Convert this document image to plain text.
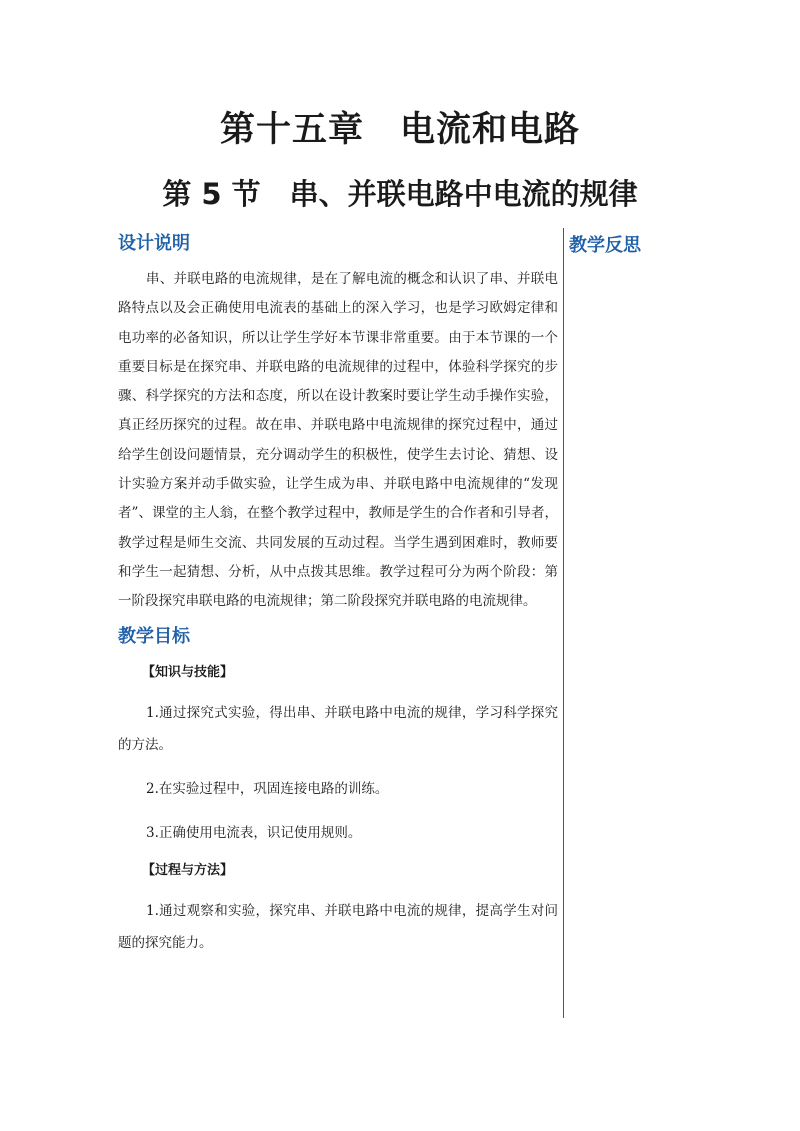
第十五章　电流和电路
第 5 节　串、并联电路中电流的规律
教学反思
设计说明

串、并联电路的电流规律，是在了解电流的概念和认识了串、并联电路特点以及会正确使用电流表的基础上的深入学习，也是学习欧姆定律和电功率的必备知识，所以让学生学好本节课非常重要。由于本节课的一个重要目标是在探究串、并联电路的电流规律的过程中，体验科学探究的步骤、科学探究的方法和态度，所以在设计教案时要让学生动手操作实验，真正经历探究的过程。故在串、并联电路中电流规律的探究过程中，通过给学生创设问题情景，充分调动学生的积极性，使学生去讨论、猜想、设计实验方案并动手做实验，让学生成为串、并联电路中电流规律的“发现者”、课堂的主人翁，在整个教学过程中，教师是学生的合作者和引导者，教学过程是师生交流、共同发展的互动过程。当学生遇到困难时，教师要和学生一起猜想、分析，从中点拨其思维。教学过程可分为两个阶段：第一阶段探究串联电路的电流规律；第二阶段探究并联电路的电流规律。

教学目标
【知识与技能】

1.通过探究式实验，得出串、并联电路中电流的规律，学习科学探究的方法。

2.在实验过程中，巩固连接电路的训练。

3.正确使用电流表，识记使用规则。

【过程与方法】

1.通过观察和实验，探究串、并联电路中电流的规律，提高学生对问题的探究能力。
